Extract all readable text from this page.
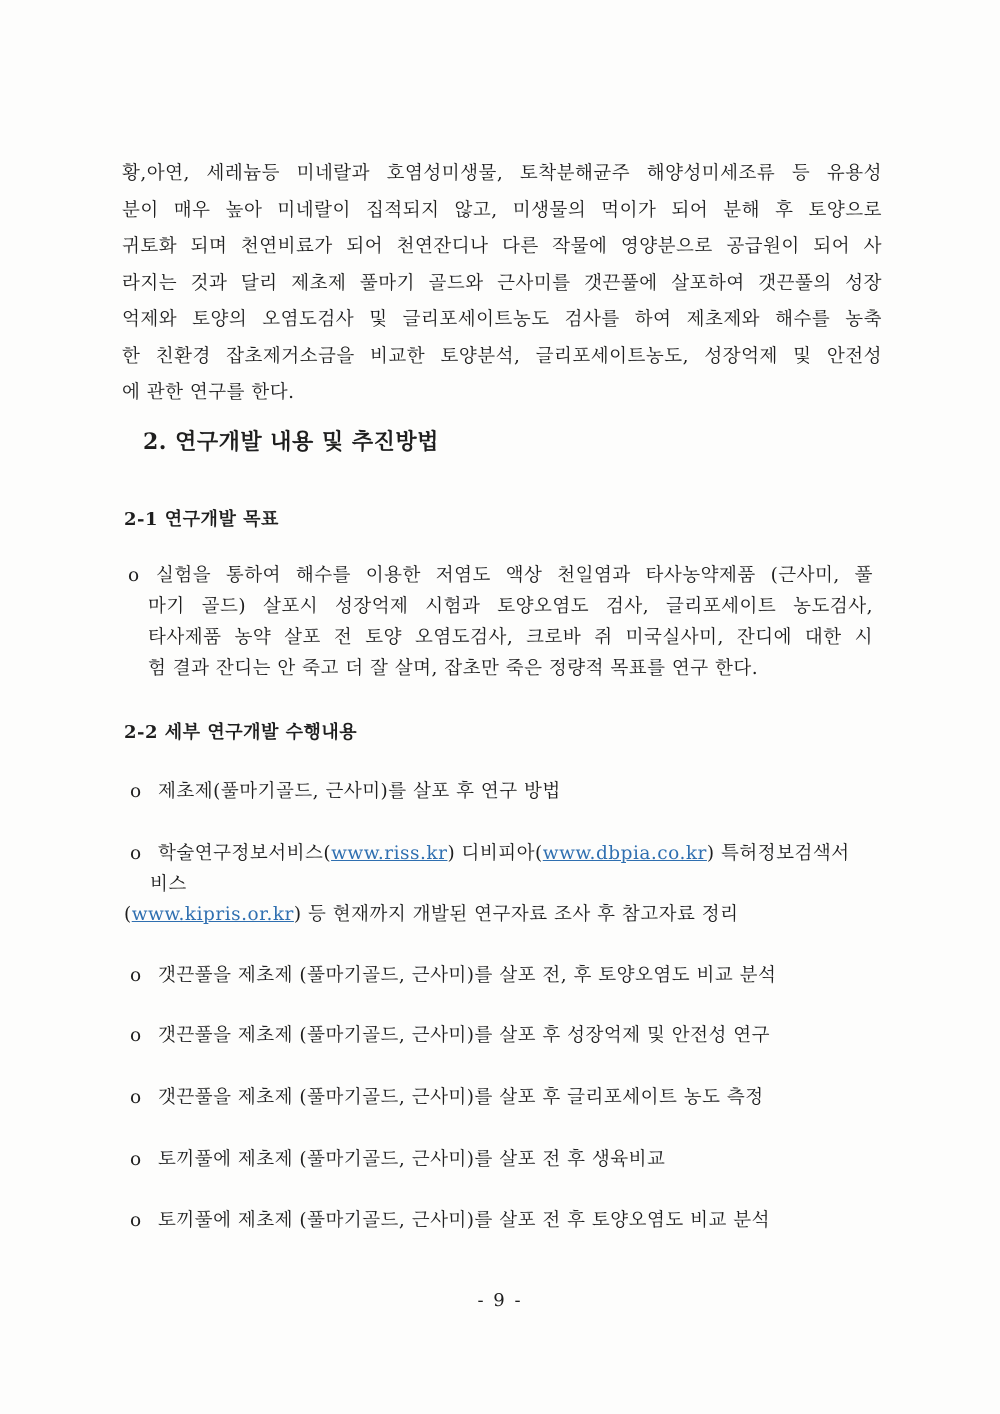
황,아연, 세레늄등 미네랄과 호염성미생물, 토착분해균주 해양성미세조류 등 유용성
분이 매우 높아 미네랄이 집적되지 않고, 미생물의 먹이가 되어 분해 후 토양으로
귀토화 되며 천연비료가 되어 천연잔디나 다른 작물에 영양분으로 공급원이 되어 사
라지는 것과 달리 제초제 풀마기 골드와 근사미를 갯끈풀에 살포하여 갯끈풀의 성장
억제와 토양의 오염도검사 및 글리포세이트농도 검사를 하여 제초제와 해수를 농축
한 친환경 잡초제거소금을 비교한 토양분석, 글리포세이트농도, 성장억제 및 안전성
에 관한 연구를 한다.
2. 연구개발 내용 및 추진방법
2-1 연구개발 목표
o 실험을 통하여 해수를 이용한 저염도 액상 천일염과 타사농약제품 (근사미, 풀
마기 골드) 살포시 성장억제 시험과 토양오염도 검사, 글리포세이트 농도검사,
타사제품 농약 살포 전 토양 오염도검사, 크로바 쥐 미국실사미, 잔디에 대한 시
험 결과 잔디는 안 죽고 더 잘 살며, 잡초만 죽은 정량적 목표를 연구 한다.
2-2 세부 연구개발 수행내용
o 제초제(풀마기골드, 근사미)를 살포 후 연구 방법
o 학술연구정보서비스(www.riss.kr) 디비피아(www.dbpia.co.kr) 특허정보검색서
비스
(www.kipris.or.kr) 등 현재까지 개발된 연구자료 조사 후 참고자료 정리
o 갯끈풀을 제초제 (풀마기골드, 근사미)를 살포 전, 후 토양오염도 비교 분석
o 갯끈풀을 제초제 (풀마기골드, 근사미)를 살포 후 성장억제 및 안전성 연구
o 갯끈풀을 제초제 (풀마기골드, 근사미)를 살포 후 글리포세이트 농도 측정
o 토끼풀에 제초제 (풀마기골드, 근사미)를 살포 전 후 생육비교
o 토끼풀에 제초제 (풀마기골드, 근사미)를 살포 전 후 토양오염도 비교 분석
- 9 -
